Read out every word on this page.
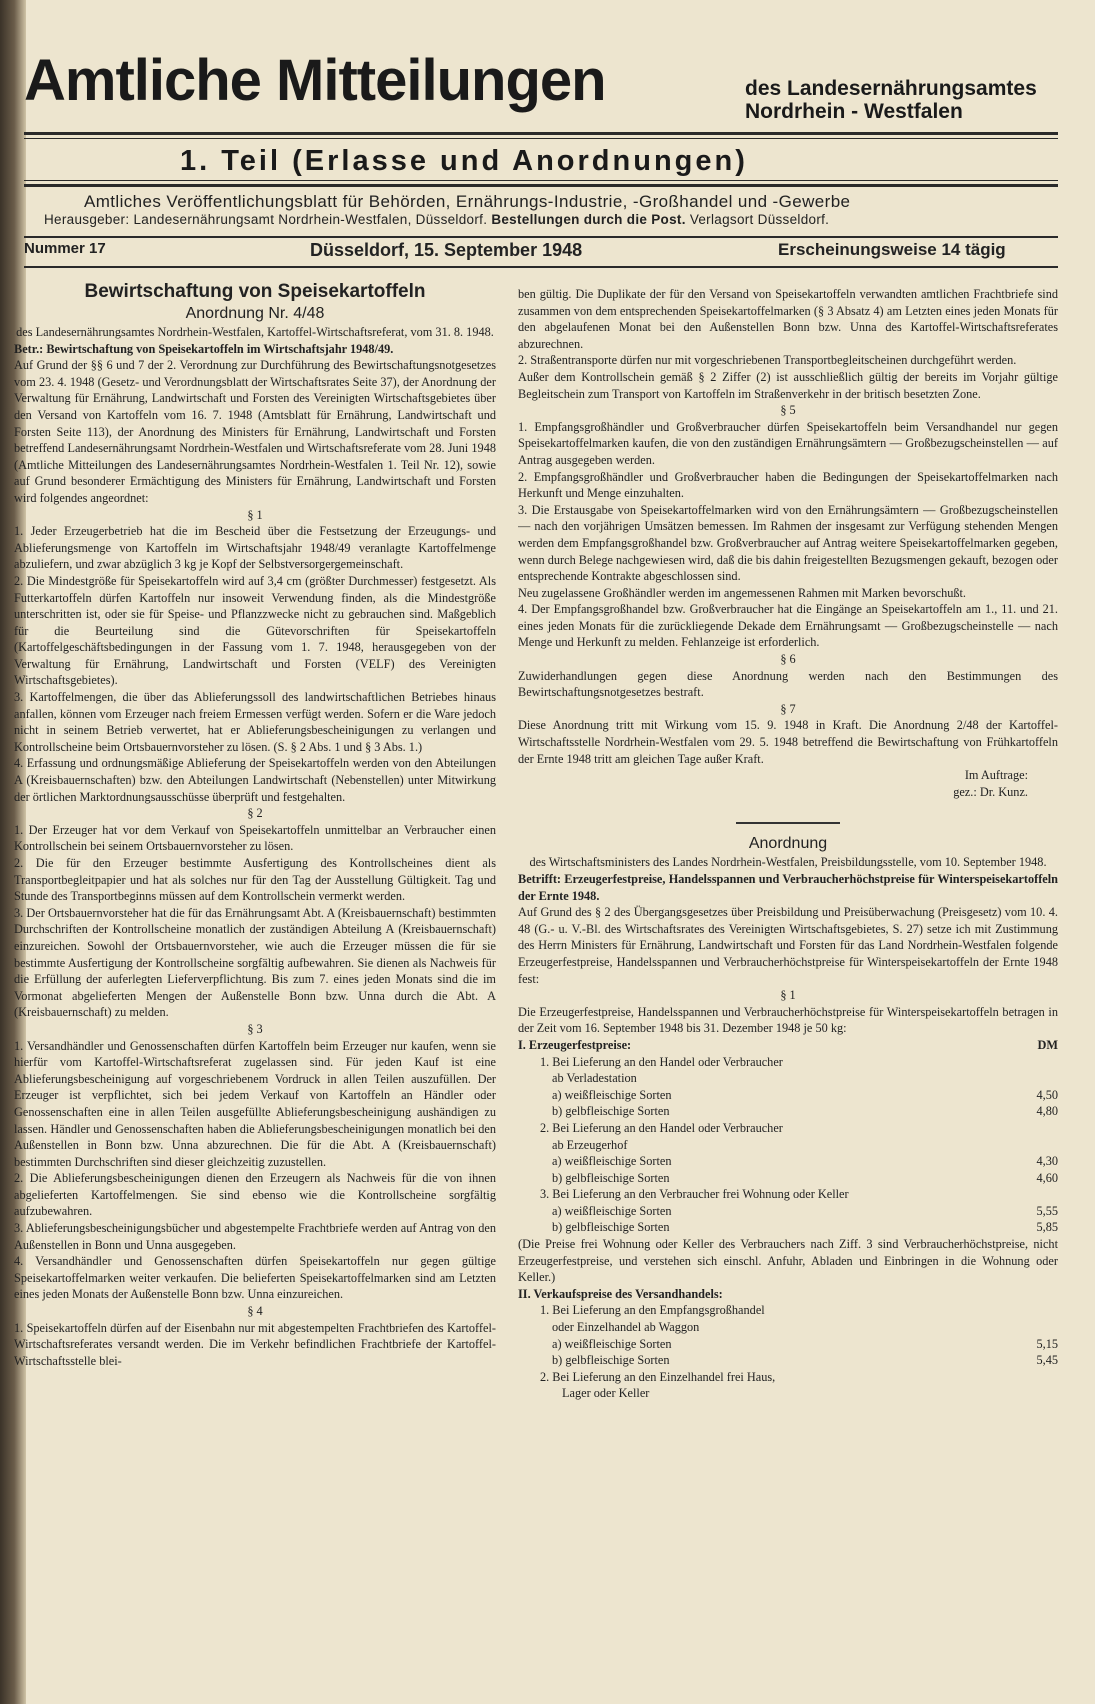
Amtliche Mitteilungen	des Landesernährungsamtes
Nordrhein - Westfalen
1. Teil (Erlasse und Anordnungen)
Amtliches Veröffentlichungsblatt für Behörden, Ernährungs-Industrie, -Großhandel und -Gewerbe
Herausgeber: Landesernährungsamt Nordrhein-Westfalen, Düsseldorf. Bestellungen durch die Post. Verlagsort Düsseldorf.
Nummer 17	Düsseldorf, 15. September 1948	Erscheinungsweise 14 tägig
Bewirtschaftung von Speisekartoffeln
Anordnung Nr. 4/48

des Landesernährungsamtes Nordrhein-Westfalen, Kartoffel-Wirtschaftsreferat, vom 31. 8. 1948.

Betr.: Bewirtschaftung von Speisekartoffeln im Wirtschaftsjahr 1948/49.

Auf Grund der §§ 6 und 7 der 2. Verordnung zur Durchführung des Bewirtschaftungsnotgesetzes vom 23. 4. 1948 (Gesetz- und Verordnungsblatt der Wirtschaftsrates Seite 37), der Anordnung der Verwaltung für Ernährung, Landwirtschaft und Forsten des Vereinigten Wirtschaftsgebietes über den Versand von Kartoffeln vom 16. 7. 1948 (Amtsblatt für Ernährung, Landwirtschaft und Forsten Seite 113), der Anordnung des Ministers für Ernährung, Landwirtschaft und Forsten betreffend Landesernährungsamt Nordrhein-Westfalen und Wirtschaftsreferate vom 28. Juni 1948 (Amtliche Mitteilungen des Landesernährungsamtes Nordrhein-Westfalen 1. Teil Nr. 12), sowie auf Grund besonderer Ermächtigung des Ministers für Ernährung, Landwirtschaft und Forsten wird folgendes angeordnet:

§ 1

1. Jeder Erzeugerbetrieb hat die im Bescheid über die Festsetzung der Erzeugungs- und Ablieferungsmenge von Kartoffeln im Wirtschaftsjahr 1948/49 veranlagte Kartoffelmenge abzuliefern, und zwar abzüglich 3 kg je Kopf der Selbstversorgergemeinschaft.

2. Die Mindestgröße für Speisekartoffeln wird auf 3,4 cm (größter Durchmesser) festgesetzt. Als Futterkartoffeln dürfen Kartoffeln nur insoweit Verwendung finden, als die Mindestgröße unterschritten ist, oder sie für Speise- und Pflanzzwecke nicht zu gebrauchen sind. Maßgeblich für die Beurteilung sind die Gütevorschriften für Speisekartoffeln (Kartoffelgeschäftsbedingungen in der Fassung vom 1. 7. 1948, herausgegeben von der Verwaltung für Ernährung, Landwirtschaft und Forsten (VELF) des Vereinigten Wirtschaftsgebietes).

3. Kartoffelmengen, die über das Ablieferungssoll des landwirtschaftlichen Betriebes hinaus anfallen, können vom Erzeuger nach freiem Ermessen verfügt werden. Sofern er die Ware jedoch nicht in seinem Betrieb verwertet, hat er Ablieferungsbescheinigungen zu verlangen und Kontrollscheine beim Ortsbauernvorsteher zu lösen. (S. § 2 Abs. 1 und § 3 Abs. 1.)

4. Erfassung und ordnungsmäßige Ablieferung der Speisekartoffeln werden von den Abteilungen A (Kreisbauernschaften) bzw. den Abteilungen Landwirtschaft (Nebenstellen) unter Mitwirkung der örtlichen Marktordnungsausschüsse überprüft und festgehalten.

§ 2

1. Der Erzeuger hat vor dem Verkauf von Speisekartoffeln unmittelbar an Verbraucher einen Kontrollschein bei seinem Ortsbauernvorsteher zu lösen.

2. Die für den Erzeuger bestimmte Ausfertigung des Kontrollscheines dient als Transportbegleitpapier und hat als solches nur für den Tag der Ausstellung Gültigkeit. Tag und Stunde des Transportbeginns müssen auf dem Kontrollschein vermerkt werden.

3. Der Ortsbauernvorsteher hat die für das Ernährungsamt Abt. A (Kreisbauernschaft) bestimmten Durchschriften der Kontrollscheine monatlich der zuständigen Abteilung A (Kreisbauernschaft) einzureichen. Sowohl der Ortsbauernvorsteher, wie auch die Erzeuger müssen die für sie bestimmte Ausfertigung der Kontrollscheine sorgfältig aufbewahren. Sie dienen als Nachweis für die Erfüllung der auferlegten Lieferverpflichtung. Bis zum 7. eines jeden Monats sind die im Vormonat abgelieferten Mengen der Außenstelle Bonn bzw. Unna durch die Abt. A (Kreisbauernschaft) zu melden.

§ 3

1. Versandhändler und Genossenschaften dürfen Kartoffeln beim Erzeuger nur kaufen, wenn sie hierfür vom Kartoffel-Wirtschaftsreferat zugelassen sind. Für jeden Kauf ist eine Ablieferungsbescheinigung auf vorgeschriebenem Vordruck in allen Teilen auszufüllen. Der Erzeuger ist verpflichtet, sich bei jedem Verkauf von Kartoffeln an Händler oder Genossenschaften eine in allen Teilen ausgefüllte Ablieferungsbescheinigung aushändigen zu lassen. Händler und Genossenschaften haben die Ablieferungsbescheinigungen monatlich bei den Außenstellen in Bonn bzw. Unna abzurechnen. Die für die Abt. A (Kreisbauernschaft) bestimmten Durchschriften sind dieser gleichzeitig zuzustellen.

2. Die Ablieferungsbescheinigungen dienen den Erzeugern als Nachweis für die von ihnen abgelieferten Kartoffelmengen. Sie sind ebenso wie die Kontrollscheine sorgfältig aufzubewahren.

3. Ablieferungsbescheinigungsbücher und abgestempelte Frachtbriefe werden auf Antrag von den Außenstellen in Bonn und Unna ausgegeben.

4. Versandhändler und Genossenschaften dürfen Speisekartoffeln nur gegen gültige Speisekartoffelmarken weiter verkaufen. Die belieferten Speisekartoffelmarken sind am Letzten eines jeden Monats der Außenstelle Bonn bzw. Unna einzureichen.

§ 4

1. Speisekartoffeln dürfen auf der Eisenbahn nur mit abgestempelten Frachtbriefen des Kartoffel-Wirtschaftsreferates versandt werden. Die im Verkehr befindlichen Frachtbriefe der Kartoffel-Wirtschaftsstelle blei-

ben gültig. Die Duplikate der für den Versand von Speisekartoffeln verwandten amtlichen Frachtbriefe sind zusammen von dem entsprechenden Speisekartoffelmarken (§ 3 Absatz 4) am Letzten eines jeden Monats für den abgelaufenen Monat bei den Außenstellen Bonn bzw. Unna des Kartoffel-Wirtschaftsreferates abzurechnen.

2. Straßentransporte dürfen nur mit vorgeschriebenen Transportbegleitscheinen durchgeführt werden.

Außer dem Kontrollschein gemäß § 2 Ziffer (2) ist ausschließlich gültig der bereits im Vorjahr gültige Begleitschein zum Transport von Kartoffeln im Straßenverkehr in der britisch besetzten Zone.

§ 5

1. Empfangsgroßhändler und Großverbraucher dürfen Speisekartoffeln beim Versandhandel nur gegen Speisekartoffelmarken kaufen, die von den zuständigen Ernährungsämtern — Großbezugscheinstellen — auf Antrag ausgegeben werden.

2. Empfangsgroßhändler und Großverbraucher haben die Bedingungen der Speisekartoffelmarken nach Herkunft und Menge einzuhalten.

3. Die Erstausgabe von Speisekartoffelmarken wird von den Ernährungsämtern — Großbezugscheinstellen — nach den vorjährigen Umsätzen bemessen. Im Rahmen der insgesamt zur Verfügung stehenden Mengen werden dem Empfangsgroßhandel bzw. Großverbraucher auf Antrag weitere Speisekartoffelmarken gegeben, wenn durch Belege nachgewiesen wird, daß die bis dahin freigestellten Bezugsmengen gekauft, bezogen oder entsprechende Kontrakte abgeschlossen sind.

Neu zugelassene Großhändler werden im angemessenen Rahmen mit Marken bevorschußt.

4. Der Empfangsgroßhandel bzw. Großverbraucher hat die Eingänge an Speisekartoffeln am 1., 11. und 21. eines jeden Monats für die zurückliegende Dekade dem Ernährungsamt — Großbezugscheinstelle — nach Menge und Herkunft zu melden. Fehlanzeige ist erforderlich.

§ 6

Zuwiderhandlungen gegen diese Anordnung werden nach den Bestimmungen des Bewirtschaftungsnotgesetzes bestraft.

§ 7

Diese Anordnung tritt mit Wirkung vom 15. 9. 1948 in Kraft. Die Anordnung 2/48 der Kartoffel-Wirtschaftsstelle Nordrhein-Westfalen vom 29. 5. 1948 betreffend die Bewirtschaftung von Frühkartoffeln der Ernte 1948 tritt am gleichen Tage außer Kraft.

Im Auftrage:

gez.: Dr. Kunz.

Anordnung

des Wirtschaftsministers des Landes Nordrhein-Westfalen, Preisbildungsstelle, vom 10. September 1948.

Betrifft: Erzeugerfestpreise, Handelsspannen und Verbraucherhöchstpreise für Winterspeisekartoffeln der Ernte 1948.

Auf Grund des § 2 des Übergangsgesetzes über Preisbildung und Preisüberwachung (Preisgesetz) vom 10. 4. 48 (G.- u. V.-Bl. des Wirtschaftsrates des Vereinigten Wirtschaftsgebietes, S. 27) setze ich mit Zustimmung des Herrn Ministers für Ernährung, Landwirtschaft und Forsten für das Land Nordrhein-Westfalen folgende Erzeugerfestpreise, Handelsspannen und Verbraucherhöchstpreise für Winterspeisekartoffeln der Ernte 1948 fest:

§ 1

Die Erzeugerfestpreise, Handelsspannen und Verbraucherhöchstpreise für Winterspeisekartoffeln betragen in der Zeit vom 16. September 1948 bis 31. Dezember 1948 je 50 kg:

I. Erzeugerfestpreise:	DM

1. Bei Lieferung an den Handel oder Verbraucher

ab Verladestation

a) weißfleischige Sorten	4,50
b) gelbfleischige Sorten	4,80

2. Bei Lieferung an den Handel oder Verbraucher

ab Erzeugerhof

a) weißfleischige Sorten	4,30
b) gelbfleischige Sorten	4,60

3. Bei Lieferung an den Verbraucher frei Wohnung oder Keller

a) weißfleischige Sorten	5,55
b) gelbfleischige Sorten	5,85

(Die Preise frei Wohnung oder Keller des Verbrauchers nach Ziff. 3 sind Verbraucherhöchstpreise, nicht Erzeugerfestpreise, und verstehen sich einschl. Anfuhr, Abladen und Einbringen in die Wohnung oder Keller.)

II. Verkaufspreise des Versandhandels:

1. Bei Lieferung an den Empfangsgroßhandel

oder Einzelhandel ab Waggon

a) weißfleischige Sorten	5,15
b) gelbfleischige Sorten	5,45

2. Bei Lieferung an den Einzelhandel frei Haus,

Lager oder Keller
